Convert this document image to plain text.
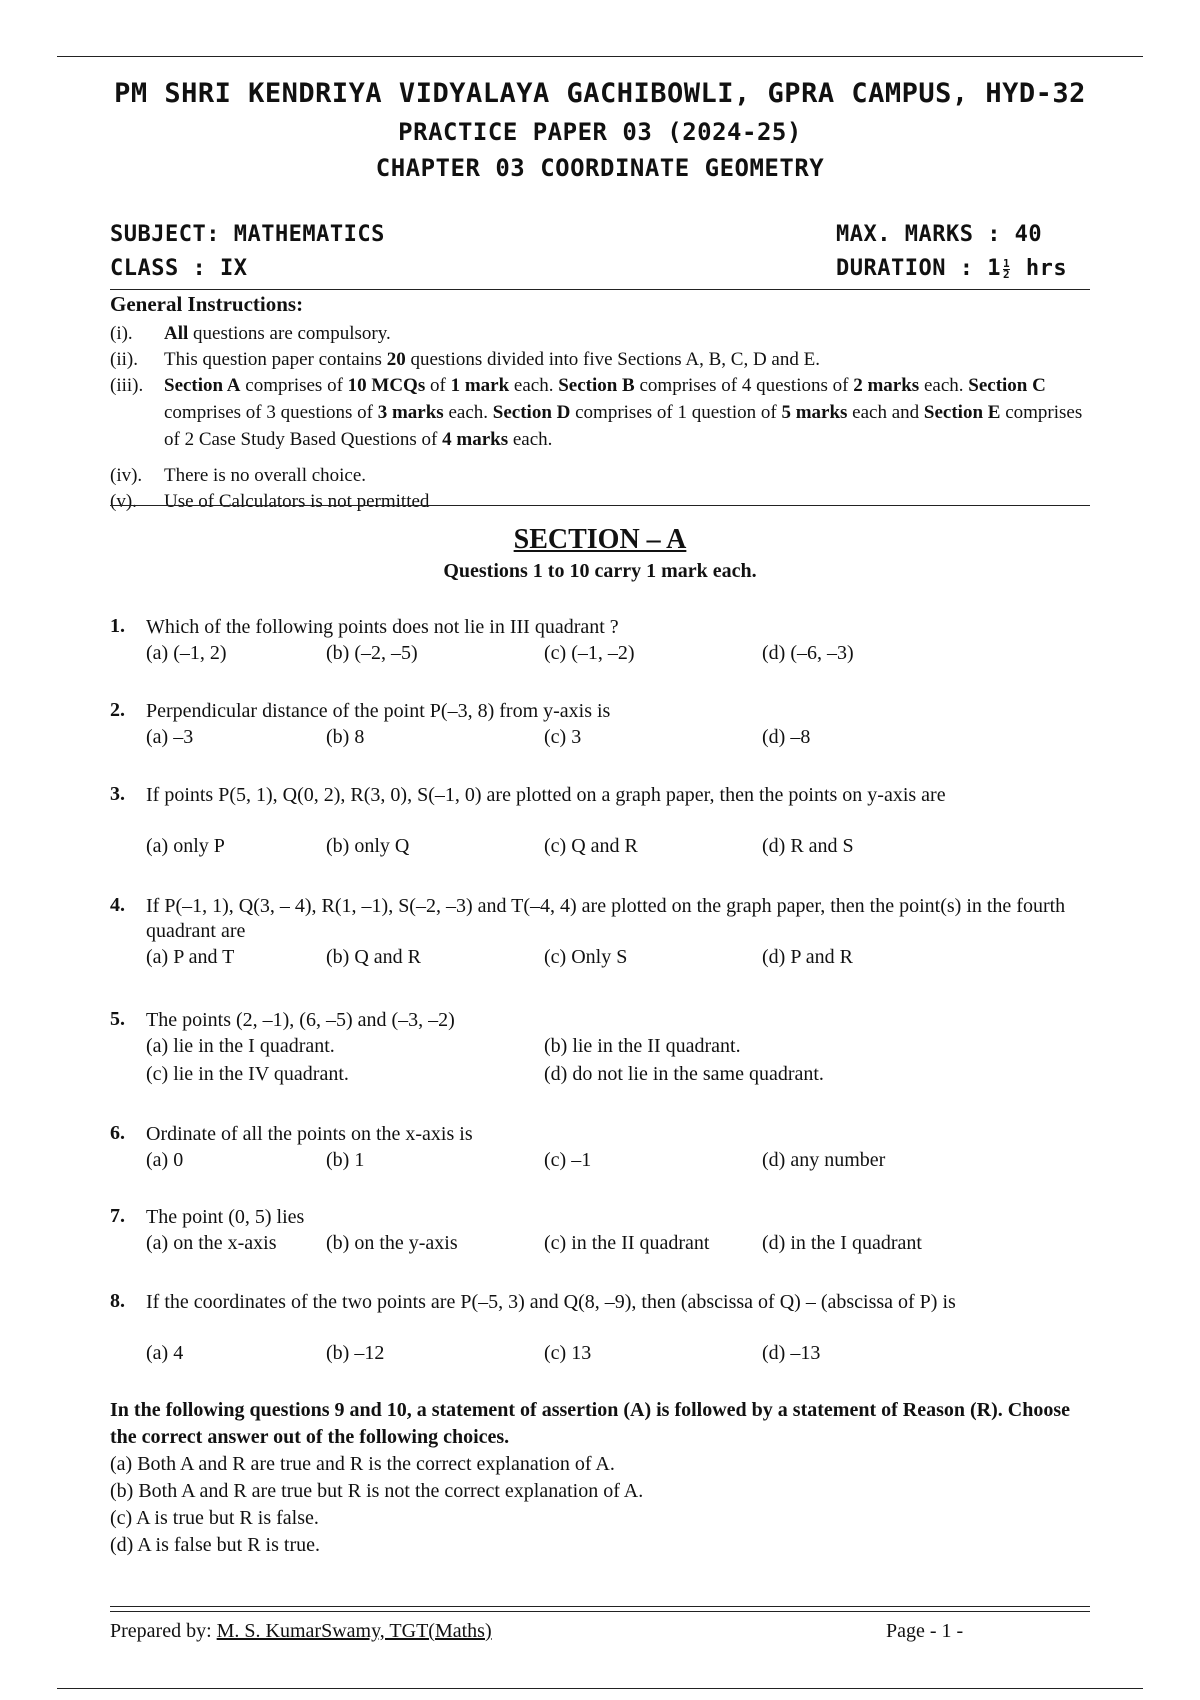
PM SHRI KENDRIYA VIDYALAYA GACHIBOWLI, GPRA CAMPUS, HYD-32
PRACTICE PAPER 03 (2024-25)
CHAPTER 03 COORDINATE GEOMETRY
SUBJECT: MATHEMATICS	MAX. MARKS : 40
CLASS : IX	DURATION : $1 \frac{1}{2}$ hrs
General Instructions:
(i). All questions are compulsory.
(ii). This question paper contains 20 questions divided into five Sections A, B, C, D and E.
(iii). Section A comprises of 10 MCQs of 1 mark each. Section B comprises of 4 questions of 2 marks each. Section C comprises of 3 questions of 3 marks each. Section D comprises of 1 question of 5 marks each and Section E comprises of 2 Case Study Based Questions of 4 marks each.
(iv). There is no overall choice.
(v). Use of Calculators is not permitted
SECTION – A
Questions 1 to 10 carry 1 mark each.
1. Which of the following points does not lie in III quadrant ?
(a) (–1, 2)	(b) (–2, –5)	(c) (–1, –2)	(d) (–6, –3)
2. Perpendicular distance of the point P(–3, 8) from y-axis is
(a) –3	(b) 8	(c) 3	(d) –8
3. If points P(5, 1), Q(0, 2), R(3, 0), S(–1, 0) are plotted on a graph paper, then the points on y-axis are
(a) only P	(b) only Q	(c) Q and R	(d) R and S
4. If P(–1, 1), Q(3, – 4), R(1, –1), S(–2, –3) and T(–4, 4) are plotted on the graph paper, then the point(s) in the fourth quadrant are
(a) P and T	(b) Q and R	(c) Only S	(d) P and R
5. The points (2, –1), (6, –5) and (–3, –2)
(a) lie in the I quadrant.	(b) lie in the II quadrant.
(c) lie in the IV quadrant.	(d) do not lie in the same quadrant.
6. Ordinate of all the points on the x-axis is
(a) 0	(b) 1	(c) –1	(d) any number
7. The point (0, 5) lies
(a) on the x-axis (b) on the y-axis	(c) in the II quadrant	(d) in the I quadrant
8. If the coordinates of the two points are P(–5, 3) and Q(8, –9), then (abscissa of Q) – (abscissa of P) is
(a) 4	(b) –12	(c) 13	(d) –13
In the following questions 9 and 10, a statement of assertion (A) is followed by a statement of Reason (R). Choose the correct answer out of the following choices.
(a) Both A and R are true and R is the correct explanation of A.
(b) Both A and R are true but R is not the correct explanation of A.
(c) A is true but R is false.
(d) A is false but R is true.
Prepared by: M. S. KumarSwamy, TGT(Maths)	Page - 1 -
